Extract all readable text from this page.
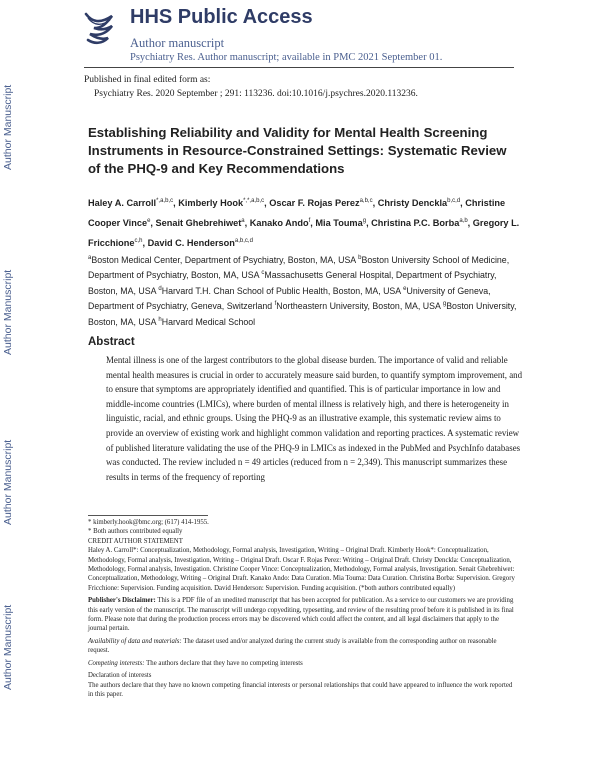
Author Manuscript
Author Manuscript
Author Manuscript
Author Manuscript
HHS Public Access
Author manuscript
Psychiatry Res. Author manuscript; available in PMC 2021 September 01.
Published in final edited form as:
Psychiatry Res. 2020 September ; 291: 113236. doi:10.1016/j.psychres.2020.113236.
Establishing Reliability and Validity for Mental Health Screening Instruments in Resource-Constrained Settings: Systematic Review of the PHQ-9 and Key Recommendations
Haley A. Carroll$^{*,a,b,c}$, Kimberly Hook$^{*,*,a,b,c}$, Oscar F. Rojas Perez$^{a,b,c}$, Christy Denckla$^{b,c,d}$, Christine Cooper Vince$^e$, Senait Ghebrehiwet$^a$, Kanako Ando$^f$, Mia Touma$^g$, Christina P.C. Borba$^{a,b}$, Gregory L. Fricchione$^{c,h}$, David C. Henderson$^{a,b,c,d}$
$^a$Boston Medical Center, Department of Psychiatry, Boston, MA, USA $^b$Boston University School of Medicine, Department of Psychiatry, Boston, MA, USA $^c$Massachusetts General Hospital, Department of Psychiatry, Boston, MA, USA $^d$Harvard T.H. Chan School of Public Health, Boston, MA, USA $^e$University of Geneva, Department of Psychiatry, Geneva, Switzerland $^f$Northeastern University, Boston, MA, USA $^g$Boston University, Boston, MA, USA $^h$Harvard Medical School
Abstract

Mental illness is one of the largest contributors to the global disease burden. The importance of valid and reliable mental health measures is crucial in order to accurately measure said burden, to quantify symptom improvement, and to ensure that symptoms are appropriately identified and quantified. This is of particular importance in low and middle-income countries (LMICs), where burden of mental illness is relatively high, and there is heterogeneity in linguistic, racial, and ethnic groups. Using the PHQ-9 as an illustrative example, this systematic review aims to provide an overview of existing work and highlight common validation and reporting practices. A systematic review of published literature validating the use of the PHQ-9 in LMICs as indexed in the PubMed and PsychInfo databases was conducted. The review included n = 49 articles (reduced from n = 2,349). This manuscript summarizes these results in terms of the frequency of reporting

* kimberly.hook@bmc.org; (617) 414-1955.

* Both authors contributed equally

CREDIT AUTHOR STATEMENT

Haley A. Carroll*: Conceptualization, Methodology, Formal analysis, Investigation, Writing – Original Draft. Kimberly Hook*: Conceptualization, Methodology, Formal analysis, Investigation, Writing – Original Draft. Oscar F. Rojas Perez: Writing – Original Draft. Christy Denckla: Conceptualization, Methodology, Formal analysis, Investigation. Christine Cooper Vince: Conceptualization, Methodology, Formal analysis, Investigation. Senait Ghebrehiwet: Conceptualization, Methodology, Writing – Original Draft. Kanako Ando: Data Curation. Mia Touma: Data Curation. Christina Borba: Supervision. Gregory Fricchione: Supervision. Funding acquisition. David Henderson: Supervision. Funding acquisition. (*both authors contributed equally)

Publisher's Disclaimer: This is a PDF file of an unedited manuscript that has been accepted for publication. As a service to our customers we are providing this early version of the manuscript. The manuscript will undergo copyediting, typesetting, and review of the resulting proof before it is published in its final form. Please note that during the production process errors may be discovered which could affect the content, and all legal disclaimers that apply to the journal pertain.

Availability of data and materials: The dataset used and/or analyzed during the current study is available from the corresponding author on reasonable request.

Competing interests: The authors declare that they have no competing interests

Declaration of interests

The authors declare that they have no known competing financial interests or personal relationships that could have appeared to influence the work reported in this paper.
